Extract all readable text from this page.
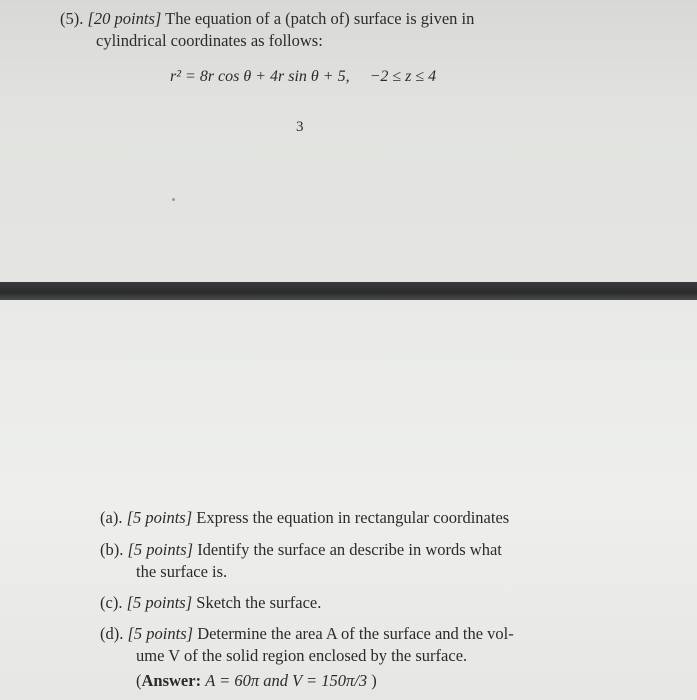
(5). [20 points] The equation of a (patch of) surface is given in
cylindrical coordinates as follows:
r² = 8r cos θ + 4r sin θ + 5, −2 ≤ z ≤ 4
3
(a). [5 points] Express the equation in rectangular coordinates
(b). [5 points] Identify the surface an describe in words what
the surface is.
(c). [5 points] Sketch the surface.
(d). [5 points] Determine the area A of the surface and the vol-
ume V of the solid region enclosed by the surface.
(Answer: A = 60π and V = 150π/3 )
